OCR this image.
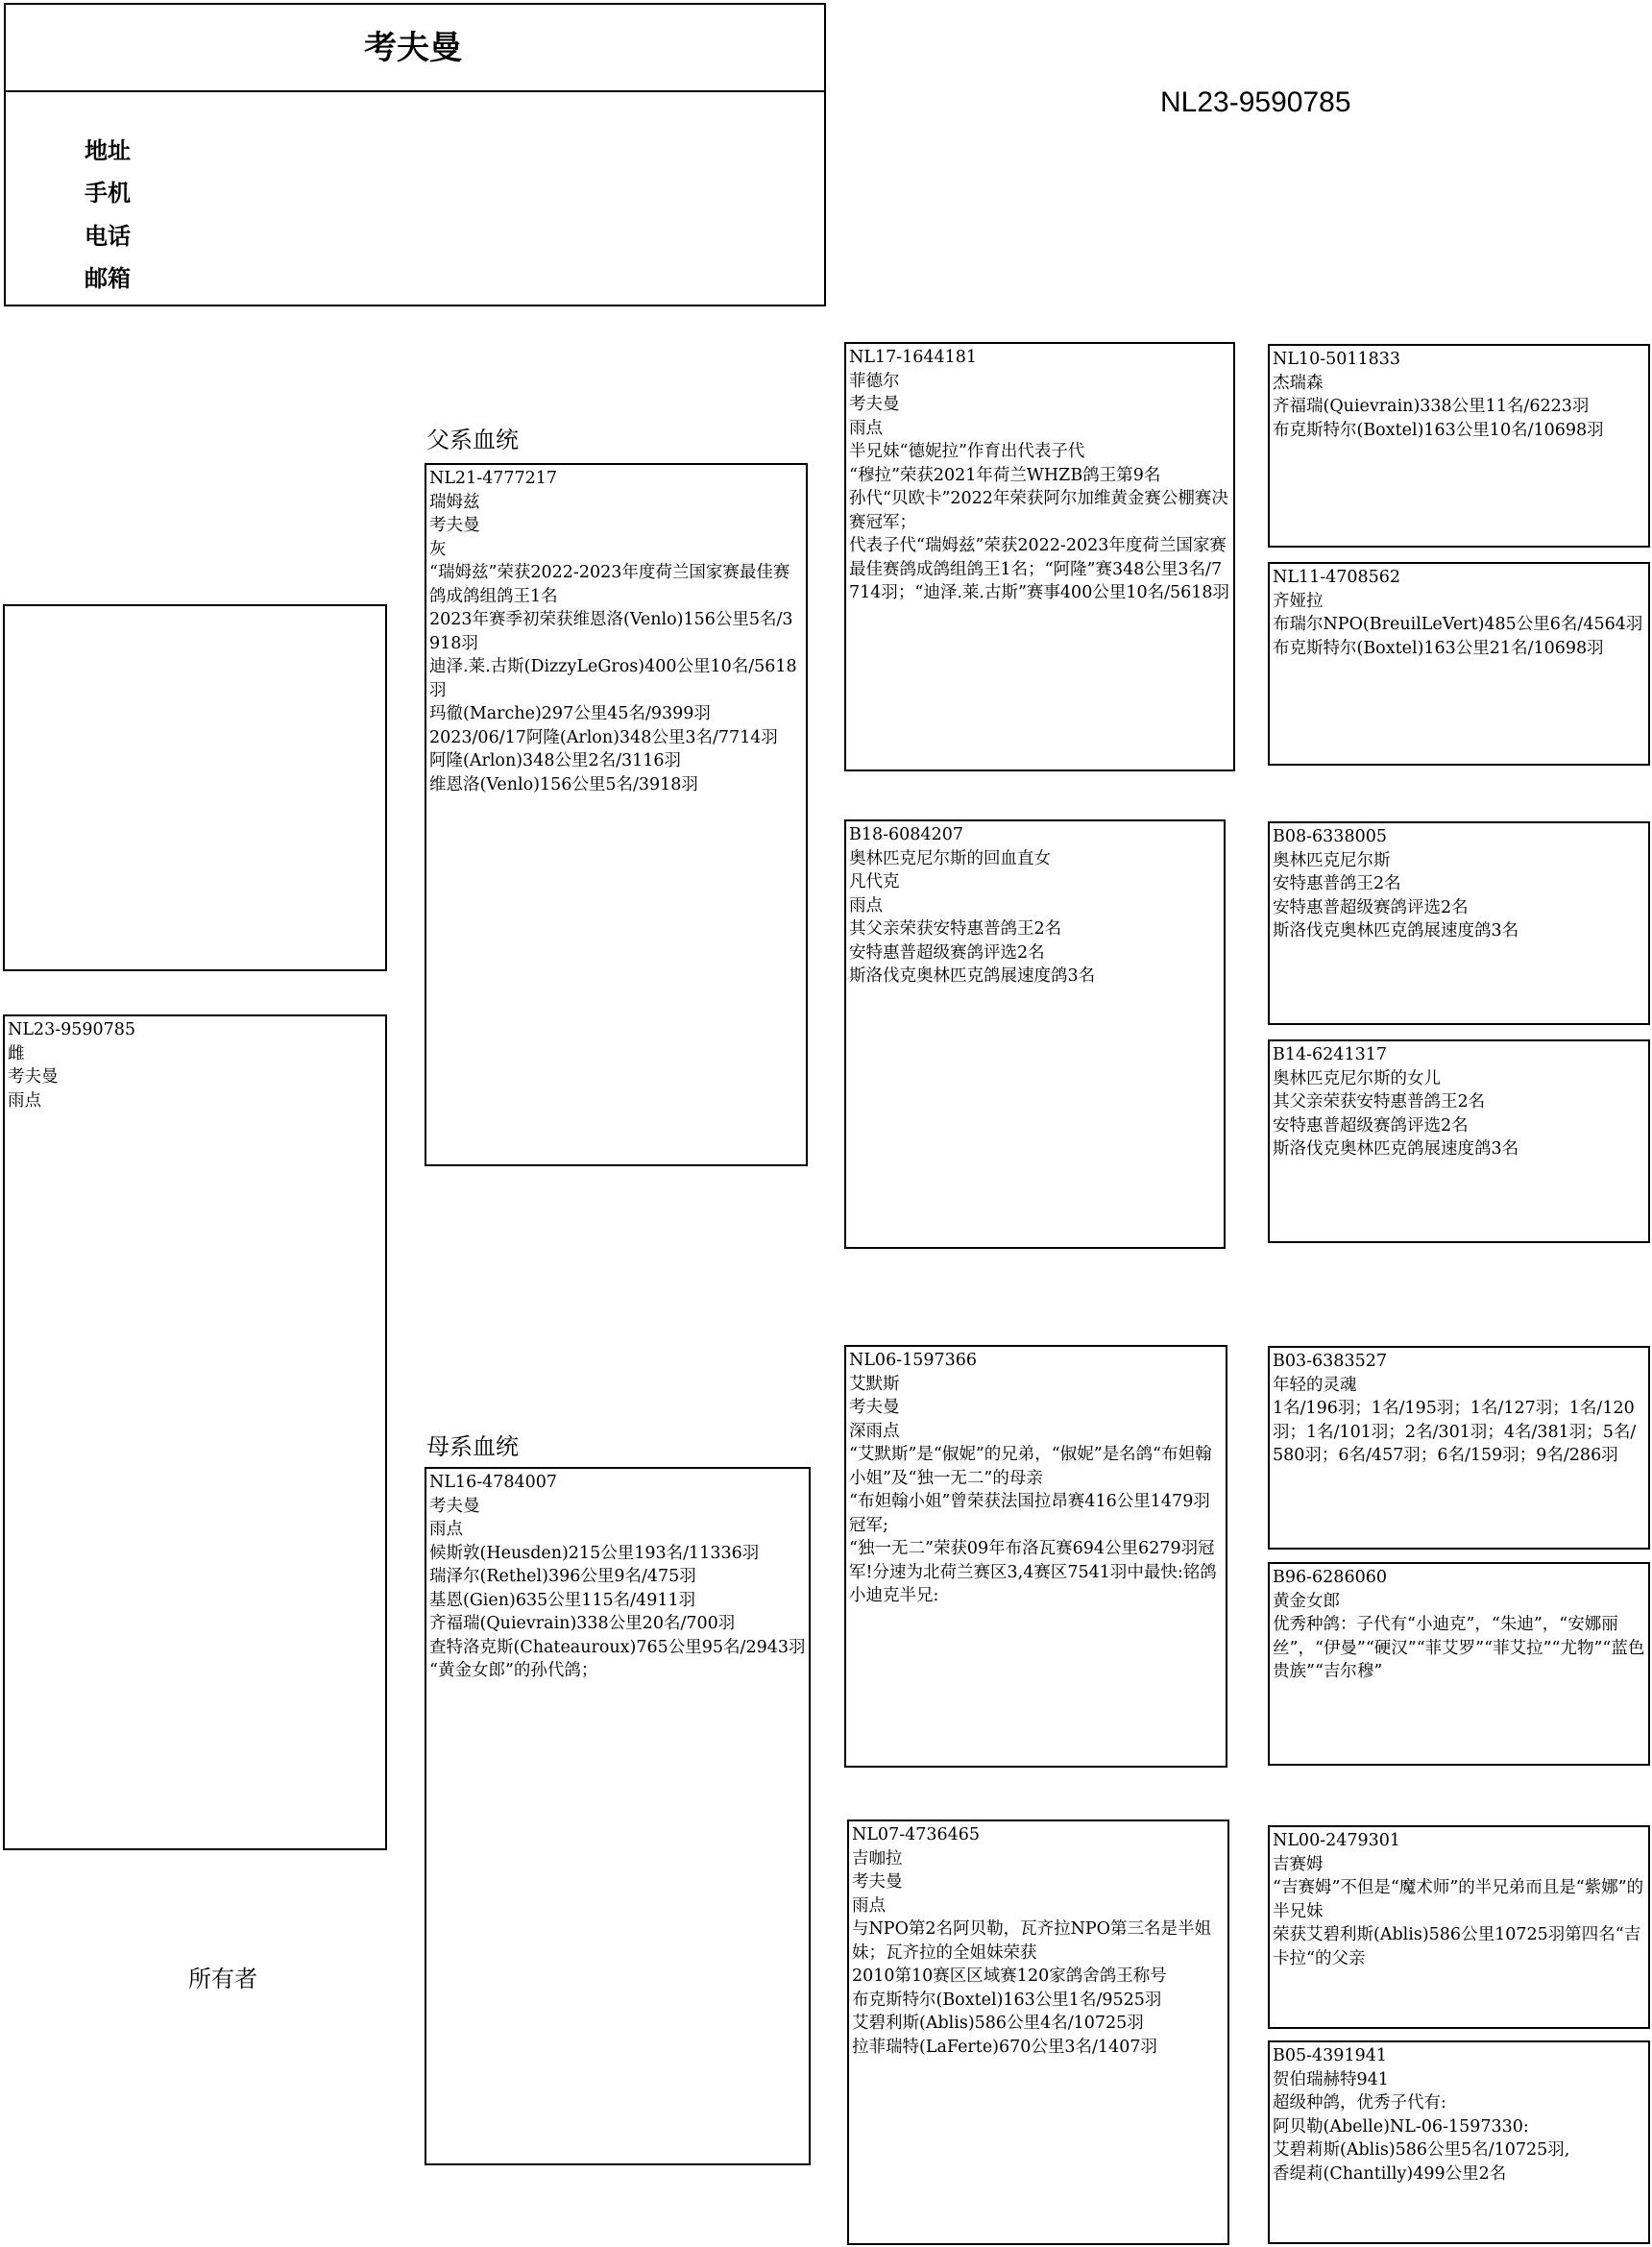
考夫曼
地址
手机
电话
邮箱
NL23-9590785
父系血统
母系血统
所有者
NL23-9590785
雌
考夫曼
雨点
NL21-4777217
瑞姆兹
考夫曼
灰
“瑞姆兹”荣获2022-2023年度荷兰国家赛最佳赛鸽成鸽组鸽王1名
2023年赛季初荣获维恩洛(Venlo)156公里5名/3918羽
迪泽.莱.古斯(DizzyLeGros)400公里10名/5618羽
玛徹(Marche)297公里45名/9399羽
2023/06/17阿隆(Arlon)348公里3名/7714羽
阿隆(Arlon)348公里2名/3116羽
维恩洛(Venlo)156公里5名/3918羽
NL16-4784007
考夫曼
雨点
候斯敦(Heusden)215公里193名/11336羽
瑞泽尔(Rethel)396公里9名/475羽
基恩(Gien)635公里115名/4911羽
齐福瑞(Quievrain)338公里20名/700羽
查特洛克斯(Chateauroux)765公里95名/2943羽
“黄金女郎”的孙代鸽；
NL17-1644181
菲德尔
考夫曼
雨点
半兄妹“德妮拉”作育出代表子代
“穆拉”荣获2021年荷兰WHZB鸽王第9名
孙代“贝欧卡”2022年荣获阿尔加维黄金赛公棚赛决赛冠军；
代表子代“瑞姆兹”荣获2022-2023年度荷兰国家赛最佳赛鸽成鸽组鸽王1名；“阿隆”赛348公里3名/7714羽；“迪泽.莱.古斯”赛事400公里10名/5618羽
B18-6084207
奥林匹克尼尔斯的回血直女
凡代克
雨点
其父亲荣获安特惠普鸽王2名
安特惠普超级赛鸽评选2名
斯洛伐克奥林匹克鸽展速度鸽3名
NL06-1597366
艾默斯
考夫曼
深雨点
“艾默斯”是“俶妮”的兄弟，“俶妮”是名鸽“布妲翰小姐”及“独一无二”的母亲
“布妲翰小姐”曾荣获法国拉昂赛416公里1479羽冠军;
“独一无二”荣获09年布洛瓦赛694公里6279羽冠军!分速为北荷兰赛区3,4赛区7541羽中最快:铭鸽小迪克半兄:
NL07-4736465
吉咖拉
考夫曼
雨点
与NPO第2名阿贝勒，瓦齐拉NPO第三名是半姐妹；瓦齐拉的全姐妹荣获
2010第10赛区区域赛120家鸽舍鸽王称号
布克斯特尔(Boxtel)163公里1名/9525羽
艾碧利斯(Ablis)586公里4名/10725羽
拉菲瑞特(LaFerte)670公里3名/1407羽
NL10-5011833
杰瑞森
齐福瑞(Quievrain)338公里11名/6223羽
布克斯特尔(Boxtel)163公里10名/10698羽
NL11-4708562
齐娅拉
布瑞尔NPO(BreuilLeVert)485公里6名/4564羽
布克斯特尔(Boxtel)163公里21名/10698羽
B08-6338005
奥林匹克尼尔斯
安特惠普鸽王2名
安特惠普超级赛鸽评选2名
斯洛伐克奥林匹克鸽展速度鸽3名
B14-6241317
奥林匹克尼尔斯的女儿
其父亲荣获安特惠普鸽王2名
安特惠普超级赛鸽评选2名
斯洛伐克奥林匹克鸽展速度鸽3名
B03-6383527
年轻的灵魂
1名/196羽；1名/195羽；1名/127羽；1名/120羽；1名/101羽；2名/301羽；4名/381羽；5名/580羽；6名/457羽；6名/159羽；9名/286羽
B96-6286060
黄金女郎
优秀种鸽：子代有“小迪克”，“朱迪”，“安娜丽丝”，“伊曼”“硬汉”“菲艾罗”“菲艾拉”“尤物”“蓝色贵族”“吉尔穆”
NL00-2479301
吉赛姆
“吉赛姆”不但是“魔术师”的半兄弟而且是“紫娜”的半兄妹
荣获艾碧利斯(Ablis)586公里10725羽第四名“吉卡拉“的父亲
B05-4391941
贺伯瑞赫特941
超级种鸽，优秀子代有:
阿贝勒(Abelle)NL-06-1597330:
艾碧莉斯(Ablis)586公里5名/10725羽,
香缇莉(Chantilly)499公里2名
